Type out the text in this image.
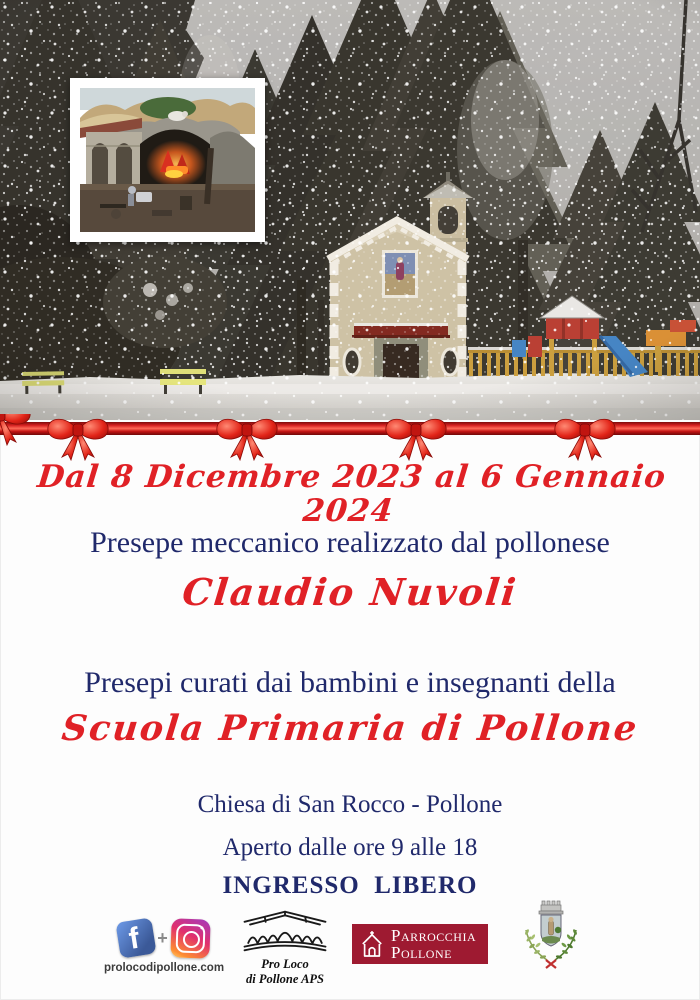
Dal 8 Dicembre 2023 al 6 Gennaio 2024
Presepe meccanico realizzato dal pollonese
Claudio Nuvoli
Presepi curati dai bambini e insegnanti della
Scuola Primaria di Pollone
Chiesa di San Rocco - Pollone
Aperto dalle ore 9 alle 18
INGRESSO  LIBERO
f +
prolocodipollone.com	Pro Loco
di Pollone APS
Parrocchia
Pollone
